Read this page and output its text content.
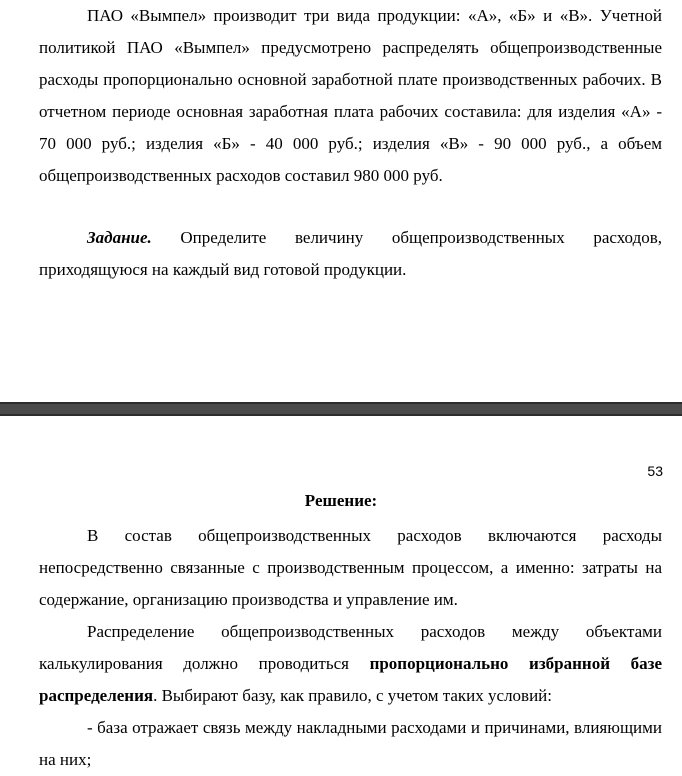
ПАО «Вымпел» производит три вида продукции: «А», «Б» и «В». Учетной политикой ПАО «Вымпел» предусмотрено распределять общепроизводственные расходы пропорционально основной заработной плате производственных рабочих. В отчетном периоде основная заработная плата рабочих составила: для изделия «А» - 70 000 руб.; изделия «Б» - 40 000 руб.; изделия «В» - 90 000 руб., а объем общепроизводственных расходов составил 980 000 руб.

Задание. Определите величину общепроизводственных расходов, приходящуюся на каждый вид готовой продукции.

53

Решение:

В состав общепроизводственных расходов включаются расходы непосредственно связанные с производственным процессом, а именно: затраты на содержание, организацию производства и управление им.

Распределение общепроизводственных расходов между объектами калькулирования должно проводиться пропорционально избранной базе распределения. Выбирают базу, как правило, с учетом таких условий:

- база отражает связь между накладными расходами и причинами, влияющими на них;
